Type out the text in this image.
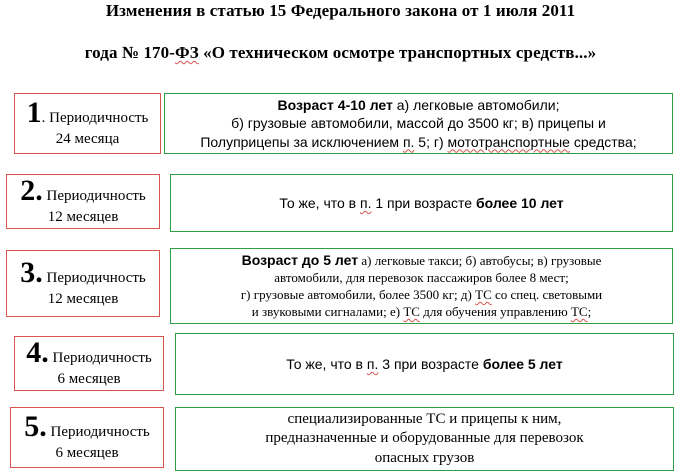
Изменения в статью 15 Федерального закона от 1 июля 2011
года № 170-ФЗ «О техническом осмотре транспортных средств...»
1. Периодичность
24 месяца
Возраст 4-10 лет а) легковые автомобили;
б) грузовые автомобили, массой до 3500 кг; в) прицепы и
Полуприцепы за исключением п. 5; г) мототранспортные средства;
2. Периодичность
12 месяцев
То же, что в п. 1 при возрасте более 10 лет
3. Периодичность
12 месяцев
Возраст до 5 лет а) легковые такси; б) автобусы; в) грузовые
автомобили, для перевозок пассажиров более 8 мест;
г) грузовые автомобили, более 3500 кг; д) ТС со спец. световыми
и звуковыми сигналами; е) ТС для обучения управлению ТС;
4. Периодичность
6 месяцев
То же, что в п. 3 при возрасте более 5 лет
5. Периодичность
6 месяцев
специализированные ТС и прицепы к ним,
предназначенные и оборудованные для перевозок
опасных грузов
